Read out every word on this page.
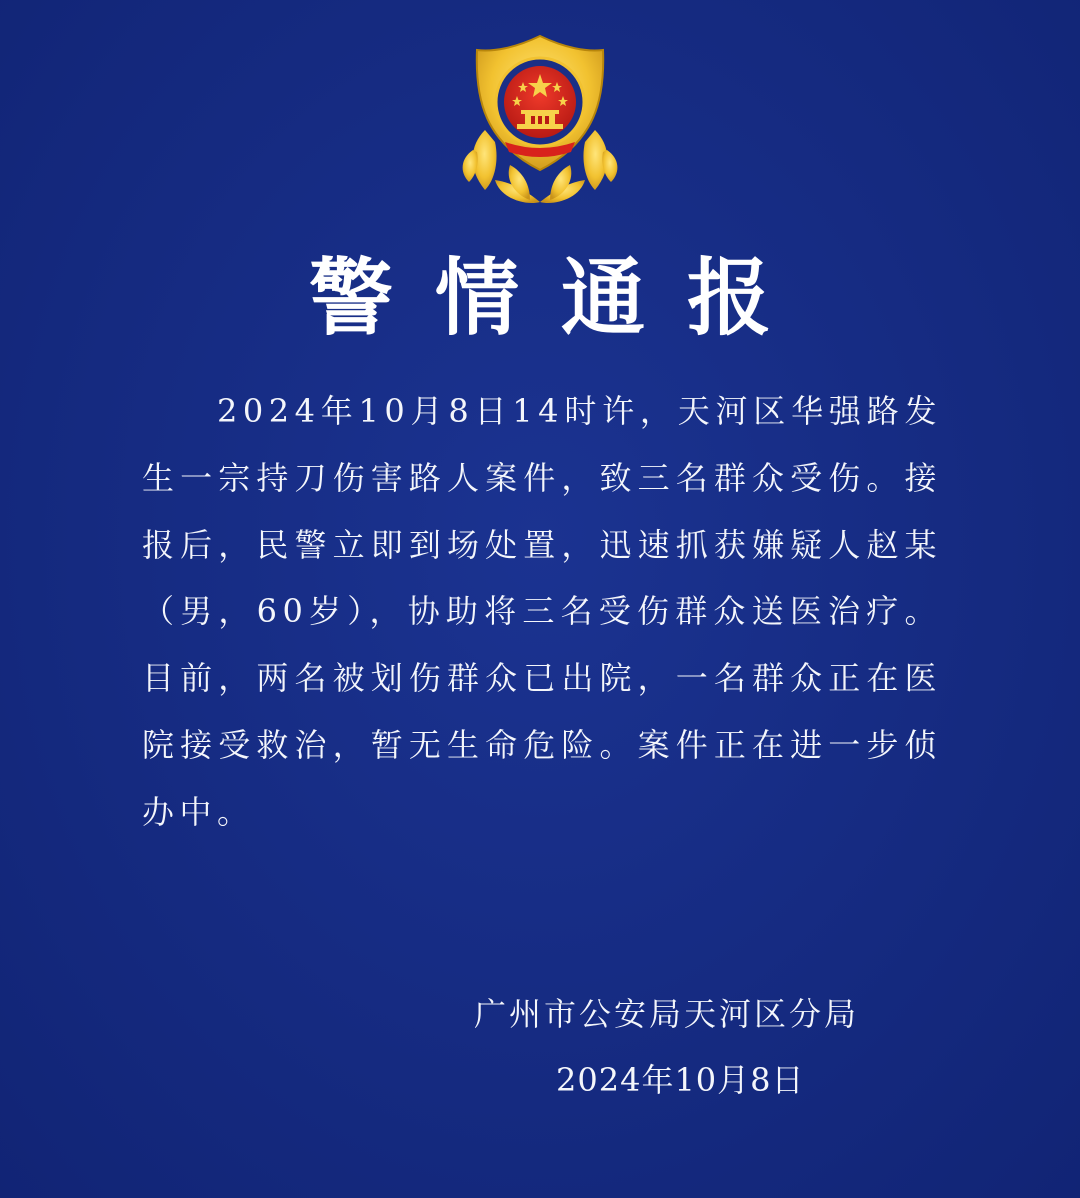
警情通报

2024年10月8日14时许，天河区华强路发生一宗持刀伤害路人案件，致三名群众受伤。接报后，民警立即到场处置，迅速抓获嫌疑人赵某（男，60岁），协助将三名受伤群众送医治疗。目前，两名被划伤群众已出院，一名群众正在医院接受救治，暂无生命危险。案件正在进一步侦办中。

广州市公安局天河区分局
2024年10月8日
